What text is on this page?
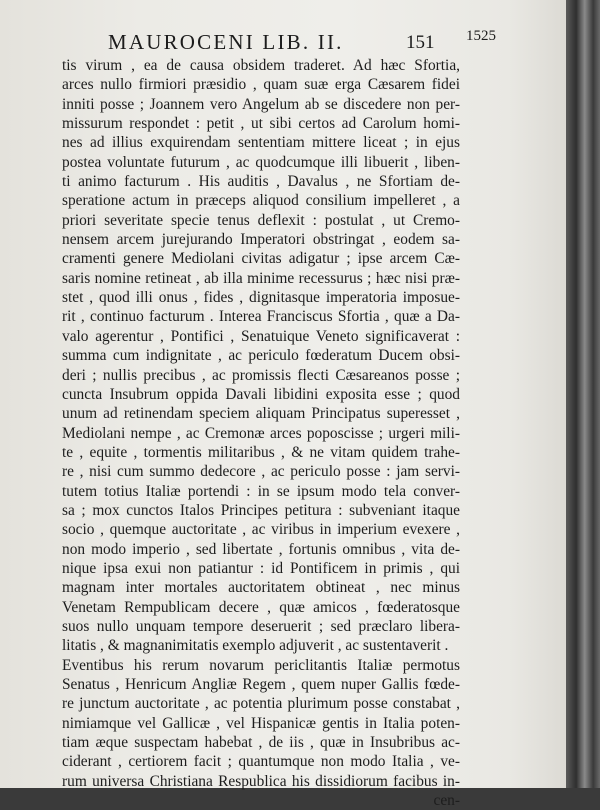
MAUROCENI LIB. II.	151 1525
tis virum , ea de causa obsidem traderet. Ad hæc Sfortia,
arces nullo firmiori præsidio , quam suæ erga Cæsarem fidei
inniti posse ; Joannem vero Angelum ab se discedere non per-
missurum respondet : petit , ut sibi certos ad Carolum homi-
nes ad illius exquirendam sententiam mittere liceat ; in ejus
postea voluntate futurum , ac quodcumque illi libuerit , liben-
ti animo facturum . His auditis , Davalus , ne Sfortiam de-
speratione actum in præceps aliquod consilium impelleret , a
priori severitate specie tenus deflexit : postulat , ut Cremo-
nensem arcem jurejurando Imperatori obstringat , eodem sa-
cramenti genere Mediolani civitas adigatur ; ipse arcem Cæ-
saris nomine retineat , ab illa minime recessurus ; hæc nisi præ-
stet , quod illi onus , fides , dignitasque imperatoria imposue-
rit , continuo facturum . Interea Franciscus Sfortia , quæ a Da-
valo agerentur , Pontifici , Senatuique Veneto significaverat :
summa cum indignitate , ac periculo fœderatum Ducem obsi-
deri ; nullis precibus , ac promissis flecti Cæsareanos posse ;
cuncta Insubrum oppida Davali libidini exposita esse ; quod
unum ad retinendam speciem aliquam Principatus superesset ,
Mediolani nempe , ac Cremonæ arces poposcisse ; urgeri mili-
te , equite , tormentis militaribus , & ne vitam quidem trahe-
re , nisi cum summo dedecore , ac periculo posse : jam servi-
tutem totius Italiæ portendi : in se ipsum modo tela conver-
sa ; mox cunctos Italos Principes petitura : subveniant itaque
socio , quemque auctoritate , ac viribus in imperium evexere ,
non modo imperio , sed libertate , fortunis omnibus , vita de-
nique ipsa exui non patiantur : id Pontificem in primis , qui
magnam inter mortales auctoritatem obtineat , nec minus
Venetam Rempublicam decere , quæ amicos , fœderatosque
suos nullo unquam tempore deseruerit ; sed præclaro libera-
litatis , & magnanimitatis exemplo adjuverit , ac sustentaverit .
Eventibus his rerum novarum periclitantis Italiæ permotus
Senatus , Henricum Angliæ Regem , quem nuper Gallis fœde-
re junctum auctoritate , ac potentia plurimum posse constabat ,
nimiamque vel Gallicæ , vel Hispanicæ gentis in Italia poten-
tiam æque suspectam habebat , de iis , quæ in Insubribus ac-
ciderant , certiorem facit ; quantumque non modo Italia , ve-
rum universa Christiana Respublica his dissidiorum facibus in-
cen-
